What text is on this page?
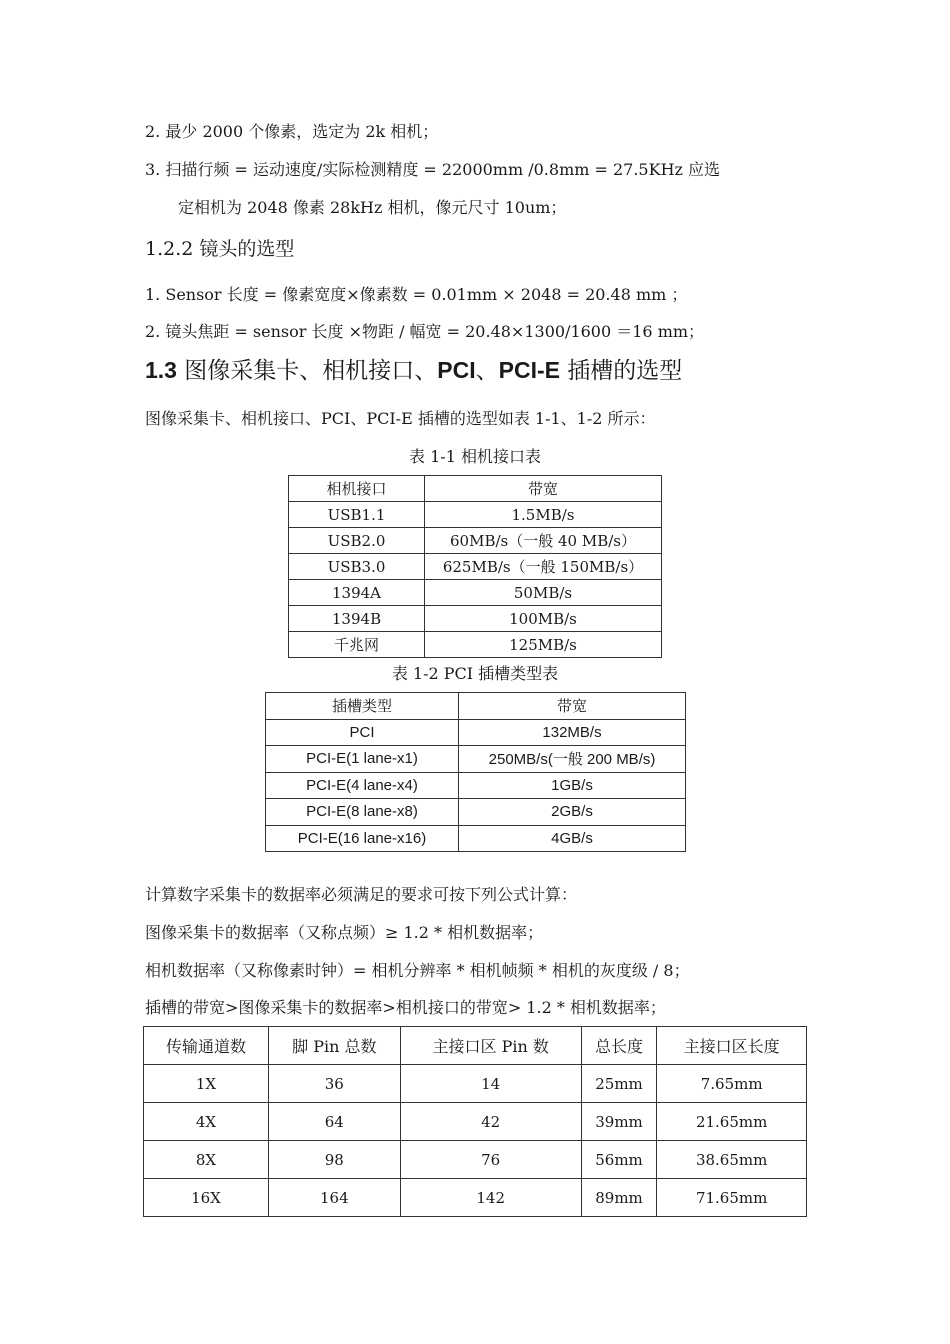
2. 最少 2000 个像素，选定为 2k 相机；
3. 扫描行频 = 运动速度/实际检测精度 = 22000mm /0.8mm = 27.5KHz 应选
定相机为 2048 像素 28kHz 相机，像元尺寸 10um；
1.2.2 镜头的选型
1. Sensor 长度 = 像素宽度×像素数 = 0.01mm × 2048 = 20.48 mm ；
2. 镜头焦距 = sensor 长度 ×物距 / 幅宽 = 20.48×1300/1600 ＝16 mm；
1.3 图像采集卡、相机接口、PCI、PCI-E 插槽的选型
图像采集卡、相机接口、PCI、PCI-E 插槽的选型如表 1-1、1-2 所示：
表 1-1 相机接口表
相机接口	带宽
USB1.1	1.5MB/s
USB2.0	60MB/s（一般 40 MB/s）
USB3.0	625MB/s（一般 150MB/s）
1394A	50MB/s
1394B	100MB/s
千兆网	125MB/s
表 1-2 PCI 插槽类型表
插槽类型	带宽
PCI	132MB/s
PCI-E(1 lane-x1)	250MB/s(一般 200 MB/s)
PCI-E(4 lane-x4)	1GB/s
PCI-E(8 lane-x8)	2GB/s
PCI-E(16 lane-x16)	4GB/s
计算数字采集卡的数据率必须满足的要求可按下列公式计算：
图像采集卡的数据率（又称点频）≥ 1.2 * 相机数据率；
相机数据率（又称像素时钟）= 相机分辨率 * 相机帧频 * 相机的灰度级 / 8；
插槽的带宽>图像采集卡的数据率>相机接口的带宽> 1.2 * 相机数据率；
传输通道数	脚 Pin 总数	主接口区 Pin 数	总长度	主接口区长度
1X	36	14	25mm	7.65mm
4X	64	42	39mm	21.65mm
8X	98	76	56mm	38.65mm
16X	164	142	89mm	71.65mm
